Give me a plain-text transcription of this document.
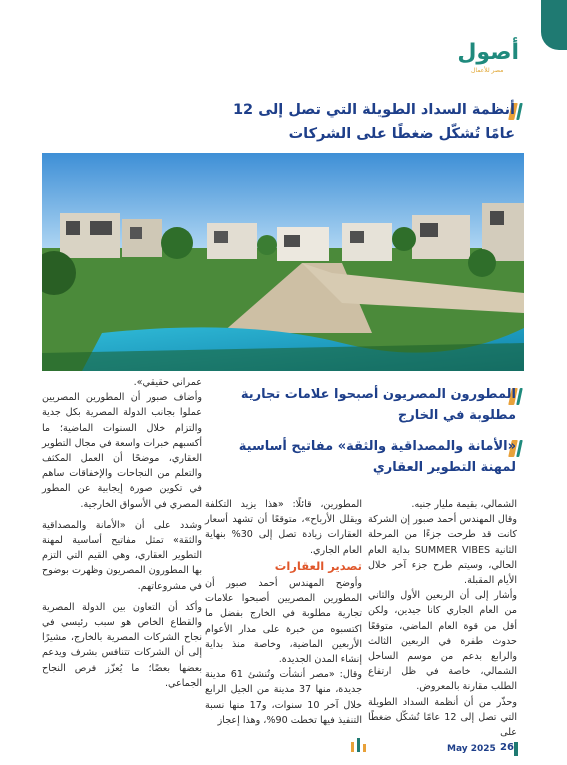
أصول
مصر للأعمال
أنظمة السداد الطويلة التي تصل إلى 12 عامًا تُشكّل ضغطًا على الشركات
المطورون المصريون أصبحوا علامات تجارية مطلوبة في الخارج
«الأمانة والمصداقية والثقة» مفاتيح أساسية لمهنة التطوير العقاري

عمراني حقيقي».

وأضاف صبور أن المطورين المصريين عملوا بجانب الدولة المصرية بكل جدية والتزام خلال السنوات الماضية؛ ما أكسبهم خبرات واسعة في مجال التطوير العقاري، موضحًا أن العمل المكثف والتعلم من النجاحات والإخفاقات ساهم في تكوين صورة إيجابية عن المطور المصري في الأسواق الخارجية.

وشدد على أن «الأمانة والمصداقية والثقة» تمثل مفاتيح أساسية لمهنة التطوير العقاري، وهي القيم التي التزم بها المطورون المصريون وظهرت بوضوح في مشروعاتهم.

وأكد أن التعاون بين الدولة المصرية والقطاع الخاص هو سبب رئيسي في نجاح الشركات المصرية بالخارج، مشيرًا إلى أن الشركات تتنافس بشرف ويدعم بعضها بعضًا؛ ما يُعزّز فرص النجاح الجماعي.

المطورين، قائلًا: «هذا يزيد التكلفة ويقلل الأرباح»، متوقعًا أن تشهد أسعار العقارات زيادة تصل إلى 30% بنهاية العام الجاري.

تصدير العقارات

وأوضح المهندس أحمد صبور أن المطورين المصريين أصبحوا علامات تجارية مطلوبة في الخارج بفضل ما اكتسبوه من خبرة على مدار الأعوام الأربعين الماضية، وخاصة منذ بداية إنشاء المدن الجديدة.

وقال: «مصر أنشأت وتُنشئ 61 مدينة جديدة، منها 37 مدينة من الجيل الرابع خلال آخر 10 سنوات، و17 منها نسبة التنفيذ فيها تخطت 90%، وهذا إعجاز

الشمالي، بقيمة مليار جنيه.

وقال المهندس أحمد صبور إن الشركة كانت قد طرحت جزءًا من المرحلة الثانية SUMMER VIBES بداية العام الحالي، وسيتم طرح جزء آخر خلال الأيام المقبلة.

وأشار إلى أن الربعين الأول والثاني من العام الجاري كانا جيدين، ولكن أقل من قوة العام الماضي، متوقعًا حدوث طفرة في الربعين الثالث والرابع بدعم من موسم الساحل الشمالي، خاصة في ظل ارتفاع الطلب مقارنة بالمعروض.

وحذّر من أن أنظمة السداد الطويلة التي تصل إلى 12 عامًا تُشكّل ضغطًا على

May 2025 26
